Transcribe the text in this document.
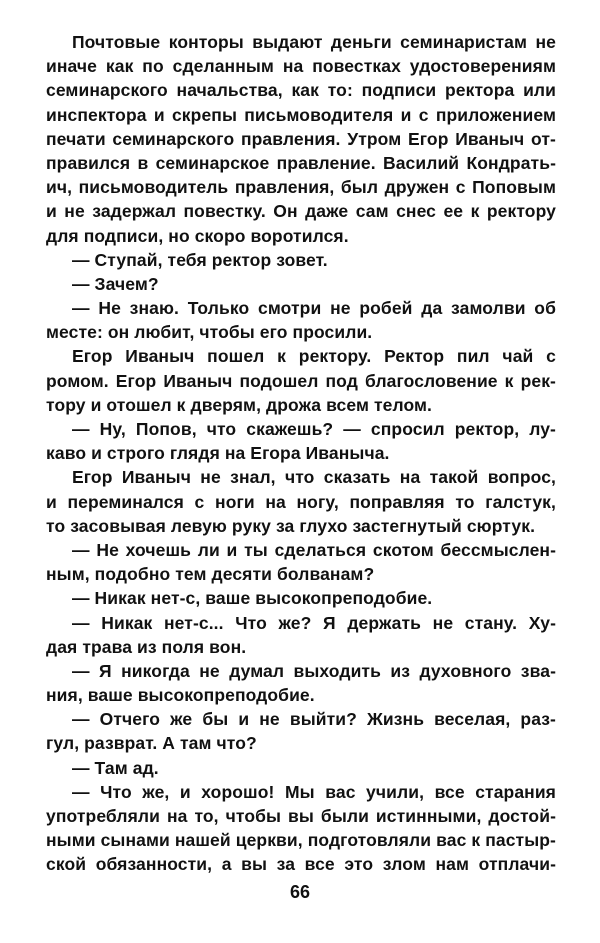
Почтовые конторы выдают деньги семинаристам не
иначе как по сделанным на повестках удостоверениям
семинарского начальства, как то: подписи ректора или
инспектора и скрепы письмоводителя и с приложением
печати семинарского правления. Утром Егор Иваныч от-
правился в семинарское правление. Василий Кондрать-
ич, письмоводитель правления, был дружен с Поповым
и не задержал повестку. Он даже сам снес ее к ректору
для подписи, но скоро воротился.
— Ступай, тебя ректор зовет.
— Зачем?
— Не знаю. Только смотри не робей да замолви об
месте: он любит, чтобы его просили.
Егор Иваныч пошел к ректору. Ректор пил чай с
ромом. Егор Иваныч подошел под благословение к рек-
тору и отошел к дверям, дрожа всем телом.
— Ну, Попов, что скажешь? — спросил ректор, лу-
каво и строго глядя на Егора Иваныча.
Егор Иваныч не знал, что сказать на такой вопрос,
и переминался с ноги на ногу, поправляя то галстук,
то засовывая левую руку за глухо застегнутый сюртук.
— Не хочешь ли и ты сделаться скотом бессмыслен-
ным, подобно тем десяти болванам?
— Никак нет-с, ваше высокопреподобие.
— Никак нет-с... Что же? Я держать не стану. Ху-
дая трава из поля вон.
— Я никогда не думал выходить из духовного зва-
ния, ваше высокопреподобие.
— Отчего же бы и не выйти? Жизнь веселая, раз-
гул, разврат. А там что?
— Там ад.
— Что же, и хорошо! Мы вас учили, все старания
употребляли на то, чтобы вы были истинными, достой-
ными сынами нашей церкви, подготовляли вас к пастыр-
ской обязанности, а вы за все это злом нам отплачи-
66
